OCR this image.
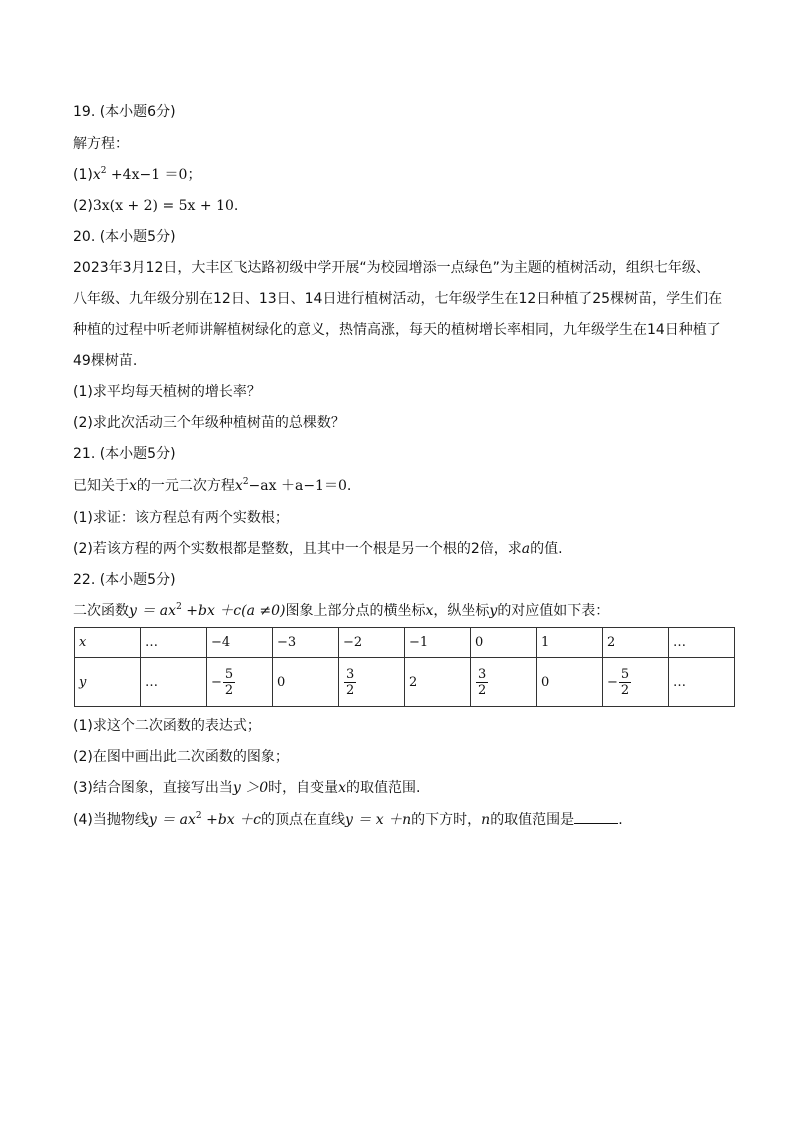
19. (本小题6分)
解方程：
$(1)x^2 +4x-1 =0$；
(2)3x(x + 2) = 5x + 10.
20. (本小题5分)
2023年3月12日，大丰区飞达路初级中学开展“为校园增添一点绿色”为主题的植树活动，组织七年级、
八年级、九年级分别在12日、13日、14日进行植树活动，七年级学生在12日种植了25棵树苗，学生们在
种植的过程中听老师讲解植树绿化的意义，热情高涨，每天的植树增长率相同，九年级学生在14日种植了
49棵树苗.
(1)求平均每天植树的增长率？
(2)求此次活动三个年级种植树苗的总棵数？
21. (本小题5分)
已知关于x的一元二次方程$x^2-ax +a-1=0$.
(1)求证：该方程总有两个实数根；
(2)若该方程的两个实数根都是整数，且其中一个根是另一个根的2倍，求a的值.
22. (本小题5分)
二次函数$y = ax^2 +bx +c(a \ne 0)$图象上部分点的横坐标x，纵坐标y的对应值如下表：
x	…	−4	−3	−2	−1	0	1	2	…
y	…	− $\frac{5}{2}$	0	$\frac{3}{2}$	2	$\frac{3}{2}$	0	− $\frac{5}{2}$	…
(1)求这个二次函数的表达式；
(2)在图中画出此二次函数的图象；
(3)结合图象，直接写出当y ＞0时，自变量x的取值范围.
(4)当抛物线$y = ax^2 +bx +c$的顶点在直线y ＝ x ＋n的下方时，n的取值范围是	.
